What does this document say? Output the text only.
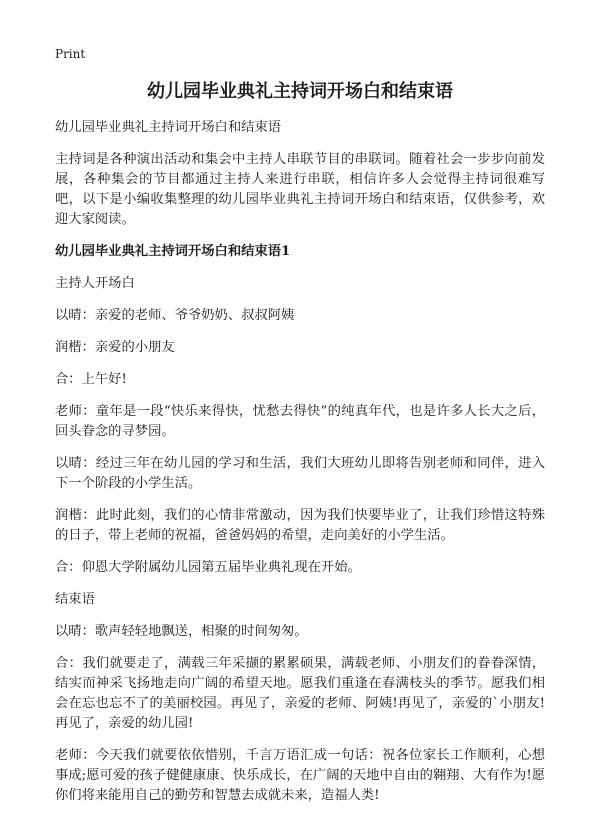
Print
幼儿园毕业典礼主持词开场白和结束语

幼儿园毕业典礼主持词开场白和结束语

主持词是各种演出活动和集会中主持人串联节目的串联词。随着社会一步步向前发展，各种集会的节目都通过主持人来进行串联，相信许多人会觉得主持词很难写吧，以下是小编收集整理的幼儿园毕业典礼主持词开场白和结束语，仅供参考，欢迎大家阅读。

幼儿园毕业典礼主持词开场白和结束语1

主持人开场白

以晴：亲爱的老师、爷爷奶奶、叔叔阿姨

润楷：亲爱的小朋友

合：上午好!

老师：童年是一段“快乐来得快，忧愁去得快”的纯真年代，也是许多人长大之后，回头眷念的寻梦园。

以晴：经过三年在幼儿园的学习和生活，我们大班幼儿即将告别老师和同伴，进入下一个阶段的小学生活。

润楷：此时此刻，我们的心情非常激动，因为我们快要毕业了，让我们珍惜这特殊的日子，带上老师的祝福，爸爸妈妈的希望，走向美好的小学生活。

合：仰恩大学附属幼儿园第五届毕业典礼现在开始。

结束语

以晴：歌声轻轻地飘送，相聚的时间匆匆。

合：我们就要走了，满载三年采撷的累累硕果，满载老师、小朋友们的眷眷深情，结实而神采飞扬地走向广阔的希望天地。愿我们重逢在春满枝头的季节。愿我们相会在忘也忘不了的美丽校园。再见了，亲爱的老师、阿姨!再见了，亲爱的`小朋友!再见了，亲爱的幼儿园!

老师：今天我们就要依依惜别，千言万语汇成一句话：祝各位家长工作顺利，心想事成;愿可爱的孩子健健康康、快乐成长，在广阔的天地中自由的翱翔、大有作为!愿你们将来能用自己的勤劳和智慧去成就未来，造福人类!
